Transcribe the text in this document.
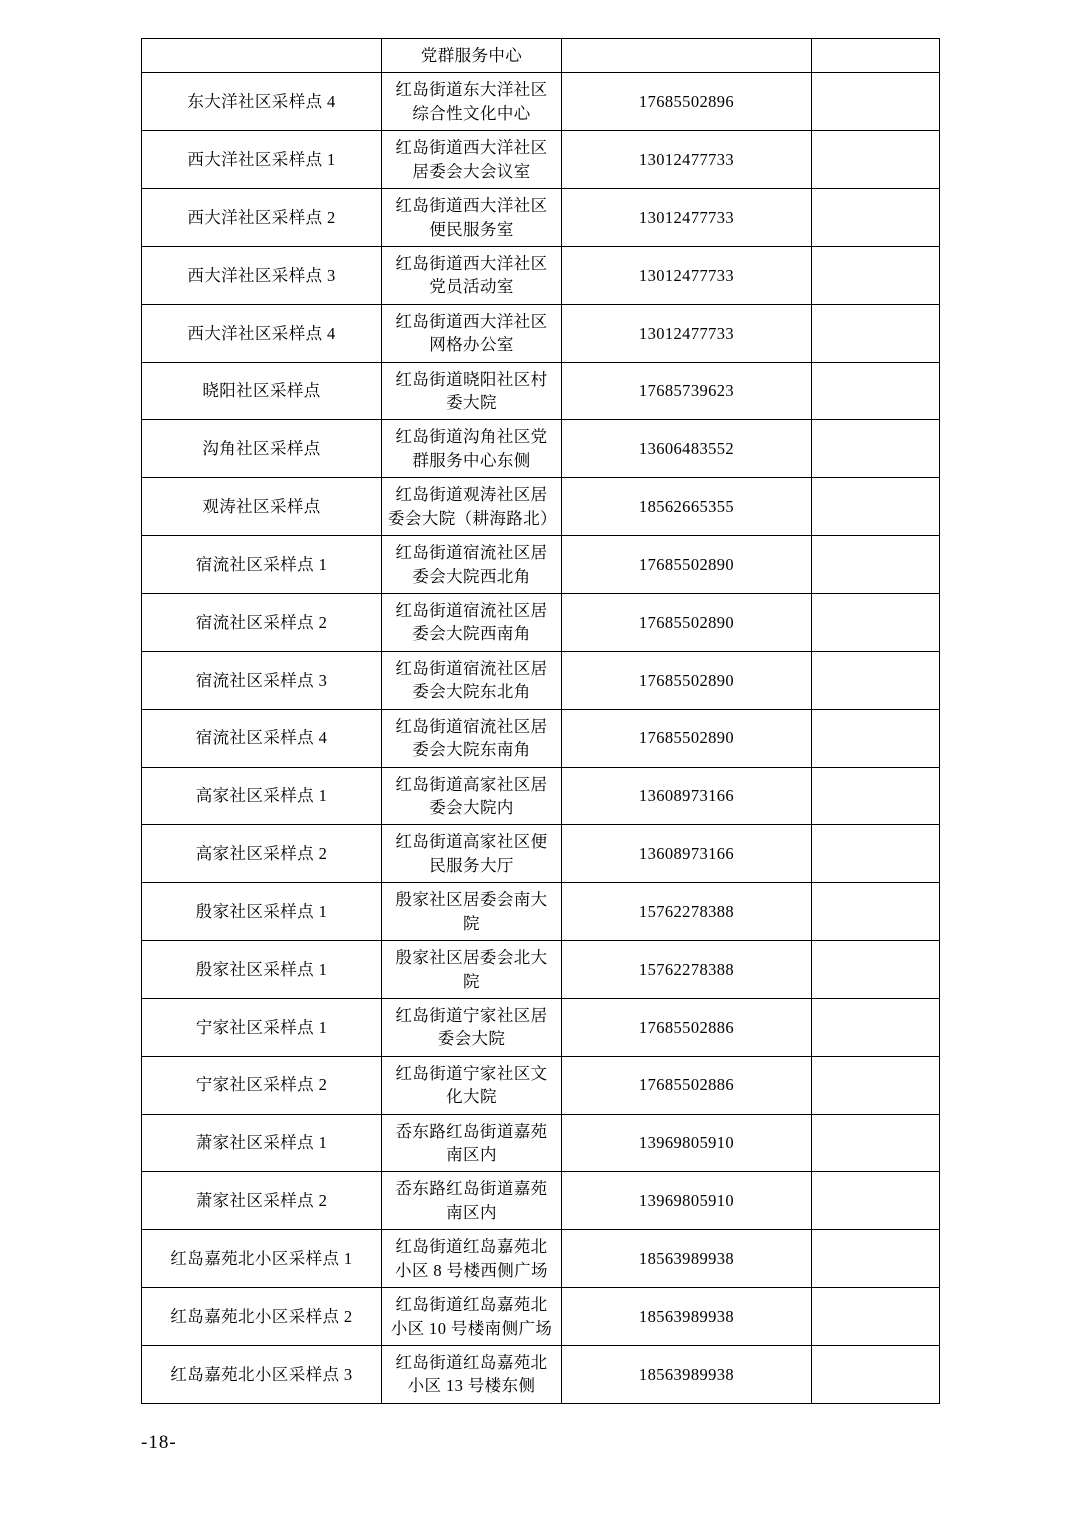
	党群服务中心		
东大洋社区采样点 4	红岛街道东大洋社区综合性文化中心	17685502896	
西大洋社区采样点 1	红岛街道西大洋社区居委会大会议室	13012477733	
西大洋社区采样点 2	红岛街道西大洋社区便民服务室	13012477733	
西大洋社区采样点 3	红岛街道西大洋社区党员活动室	13012477733	
西大洋社区采样点 4	红岛街道西大洋社区网格办公室	13012477733	
晓阳社区采样点	红岛街道晓阳社区村委大院	17685739623	
沟角社区采样点	红岛街道沟角社区党群服务中心东侧	13606483552	
观涛社区采样点	红岛街道观涛社区居委会大院（耕海路北）	18562665355	
宿流社区采样点 1	红岛街道宿流社区居委会大院西北角	17685502890	
宿流社区采样点 2	红岛街道宿流社区居委会大院西南角	17685502890	
宿流社区采样点 3	红岛街道宿流社区居委会大院东北角	17685502890	
宿流社区采样点 4	红岛街道宿流社区居委会大院东南角	17685502890	
高家社区采样点 1	红岛街道高家社区居委会大院内	13608973166	
高家社区采样点 2	红岛街道高家社区便民服务大厅	13608973166	
殷家社区采样点 1	殷家社区居委会南大院	15762278388	
殷家社区采样点 1	殷家社区居委会北大院	15762278388	
宁家社区采样点 1	红岛街道宁家社区居委会大院	17685502886	
宁家社区采样点 2	红岛街道宁家社区文化大院	17685502886	
萧家社区采样点 1	岙东路红岛街道嘉苑南区内	13969805910	
萧家社区采样点 2	岙东路红岛街道嘉苑南区内	13969805910	
红岛嘉苑北小区采样点 1	红岛街道红岛嘉苑北小区 8 号楼西侧广场	18563989938	
红岛嘉苑北小区采样点 2	红岛街道红岛嘉苑北小区 10 号楼南侧广场	18563989938	
红岛嘉苑北小区采样点 3	红岛街道红岛嘉苑北小区 13 号楼东侧	18563989938	
-18-
